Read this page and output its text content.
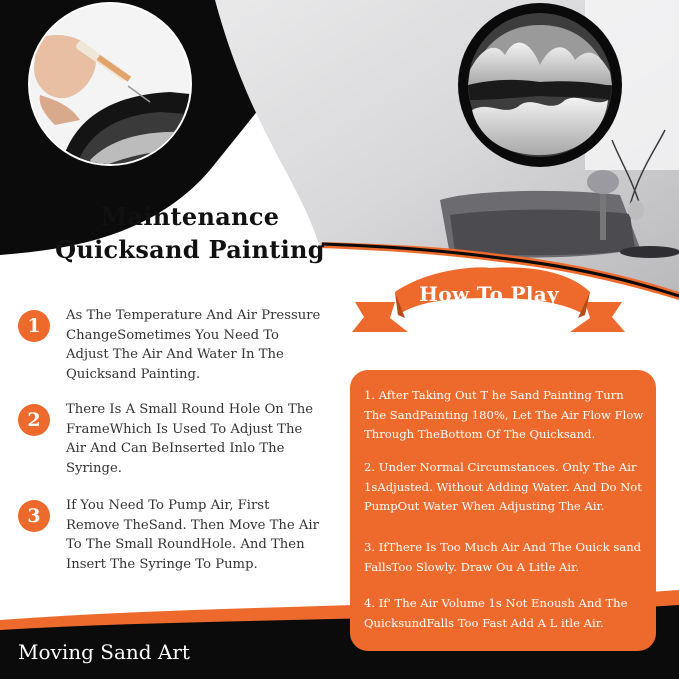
Maintenance
Quicksand Painting
1	As The Temperature And Air Pressure ChangeSometimes You Need To Adjust The Air And Water In The Quicksand Painting.
2	There Is A Small Round Hole On The FrameWhich Is Used To Adjust The Air And Can BeInserted Inlo The Syringe.
3	If You Need To Pump Air, First Remove TheSand. Then Move The Air To The Small RoundHole. And Then Insert The Syringe To Pump.
How To Play
1. After Taking Out T he Sand Painting Turn The SandPainting 180%, Let The Air Flow Flow Through TheBottom Of The Quicksand.
2. Under Normal Circumstances. Only The Air 1sAdjusted. Without Adding Water. And Do Not PumpOut Water When Adjusting The Air.
3. IfThere Is Too Much Air And The Ouick sand FallsToo Slowly. Draw Ou A Litle Air.
4. If' The Air Volume 1s Not Enoush And The QuicksundFalls Too Fast Add A L itle Air.
Moving Sand Art
